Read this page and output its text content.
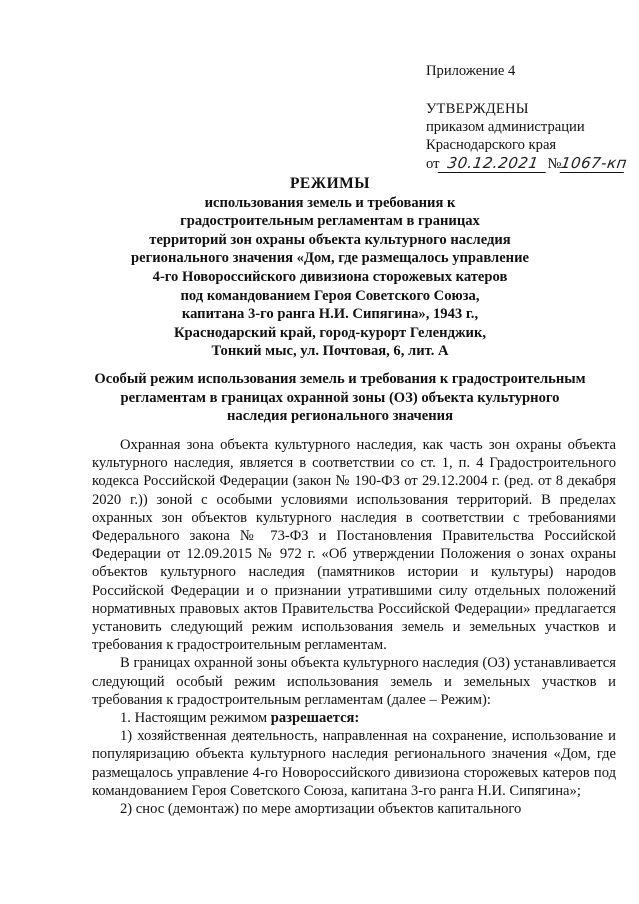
Приложение 4
УТВЕРЖДЕНЫ
приказом администрации
Краснодарского края
от 30.12.2021 №1067-кп
РЕЖИМЫ
использования земель и требования к
градостроительным регламентам в границах
территорий зон охраны объекта культурного наследия
регионального значения «Дом, где размещалось управление
4-го Новороссийского дивизиона сторожевых катеров
под командованием Героя Советского Союза,
капитана 3-го ранга Н.И. Сипягина», 1943 г.,
Краснодарский край, город-курорт Геленджик,
Тонкий мыс, ул. Почтовая, 6, лит. А
Особый режим использования земель и требования к градостроительным
регламентам в границах охранной зоны (ОЗ) объекта культурного
наследия регионального значения

Охранная зона объекта культурного наследия, как часть зон охраны объекта культурного наследия, является в соответствии со ст. 1, п. 4 Градостроительного кодекса Российской Федерации (закон № 190-ФЗ от 29.12.2004 г. (ред. от 8 декабря 2020 г.)) зоной с особыми условиями использования территорий. В пределах охранных зон объектов культурного наследия в соответствии с требованиями Федерального закона № 73-ФЗ и Постановления Правительства Российской Федерации от 12.09.2015 № 972 г. «Об утверждении Положения о зонах охраны объектов культурного наследия (памятников истории и культуры) народов Российской Федерации и о признании утратившими силу отдельных положений нормативных правовых актов Правительства Российской Федерации» предлагается установить следующий режим использования земель и земельных участков и требования к градостроительным регламентам.

В границах охранной зоны объекта культурного наследия (ОЗ) устанавливается следующий особый режим использования земель и земельных участков и требования к градостроительным регламентам (далее – Режим):

1. Настоящим режимом разрешается:

1) хозяйственная деятельность, направленная на сохранение, использование и популяризацию объекта культурного наследия регионального значения «Дом, где размещалось управление 4-го Новороссийского дивизиона сторожевых катеров под командованием Героя Советского Союза, капитана 3-го ранга Н.И. Сипягина»;

2) снос (демонтаж) по мере амортизации объектов капитального
